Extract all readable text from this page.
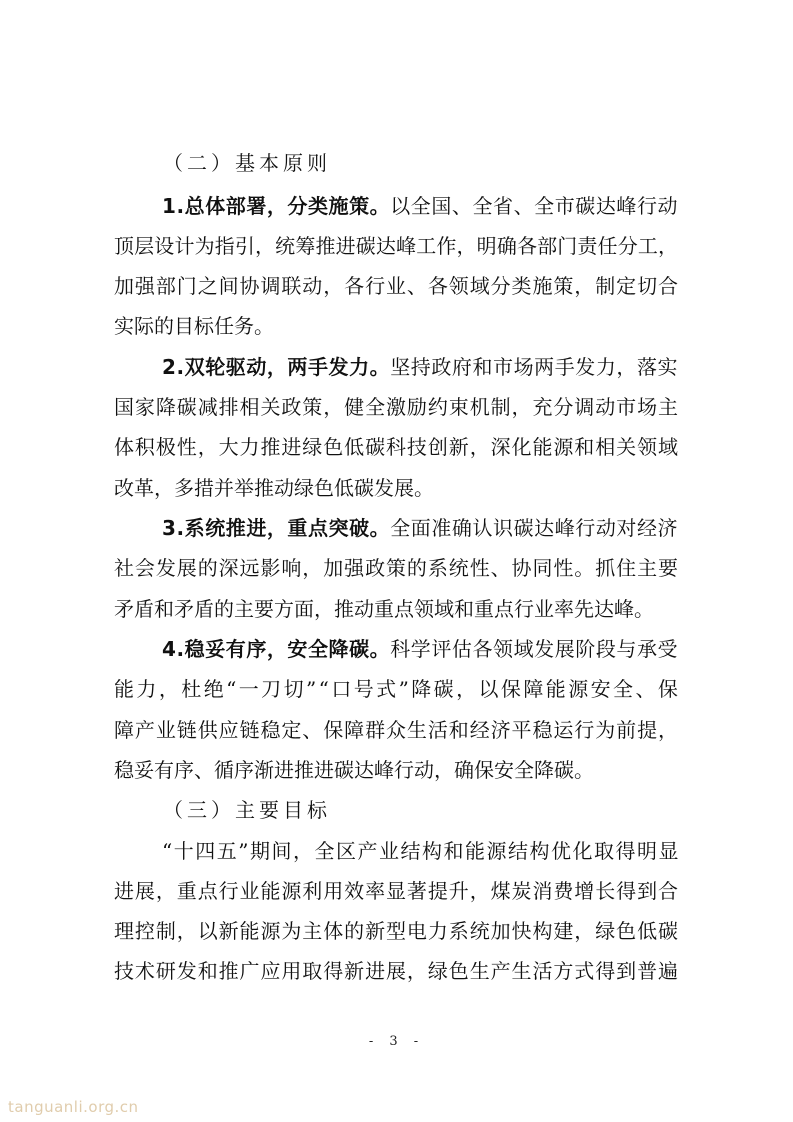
（二）基本原则
1.总体部署，分类施策。以全国、全省、全市碳达峰行动
顶层设计为指引，统筹推进碳达峰工作，明确各部门责任分工，
加强部门之间协调联动，各行业、各领域分类施策，制定切合
实际的目标任务。
2.双轮驱动，两手发力。坚持政府和市场两手发力，落实
国家降碳减排相关政策，健全激励约束机制，充分调动市场主
体积极性，大力推进绿色低碳科技创新，深化能源和相关领域
改革，多措并举推动绿色低碳发展。
3.系统推进，重点突破。全面准确认识碳达峰行动对经济
社会发展的深远影响，加强政策的系统性、协同性。抓住主要
矛盾和矛盾的主要方面，推动重点领域和重点行业率先达峰。
4.稳妥有序，安全降碳。科学评估各领域发展阶段与承受
能力，杜绝“一刀切”“口号式”降碳，以保障能源安全、保
障产业链供应链稳定、保障群众生活和经济平稳运行为前提，
稳妥有序、循序渐进推进碳达峰行动，确保安全降碳。
（三）主要目标
“十四五”期间，全区产业结构和能源结构优化取得明显
进展，重点行业能源利用效率显著提升，煤炭消费增长得到合
理控制，以新能源为主体的新型电力系统加快构建，绿色低碳
技术研发和推广应用取得新进展，绿色生产生活方式得到普遍
- 3 -
tanguanli.org.cn
